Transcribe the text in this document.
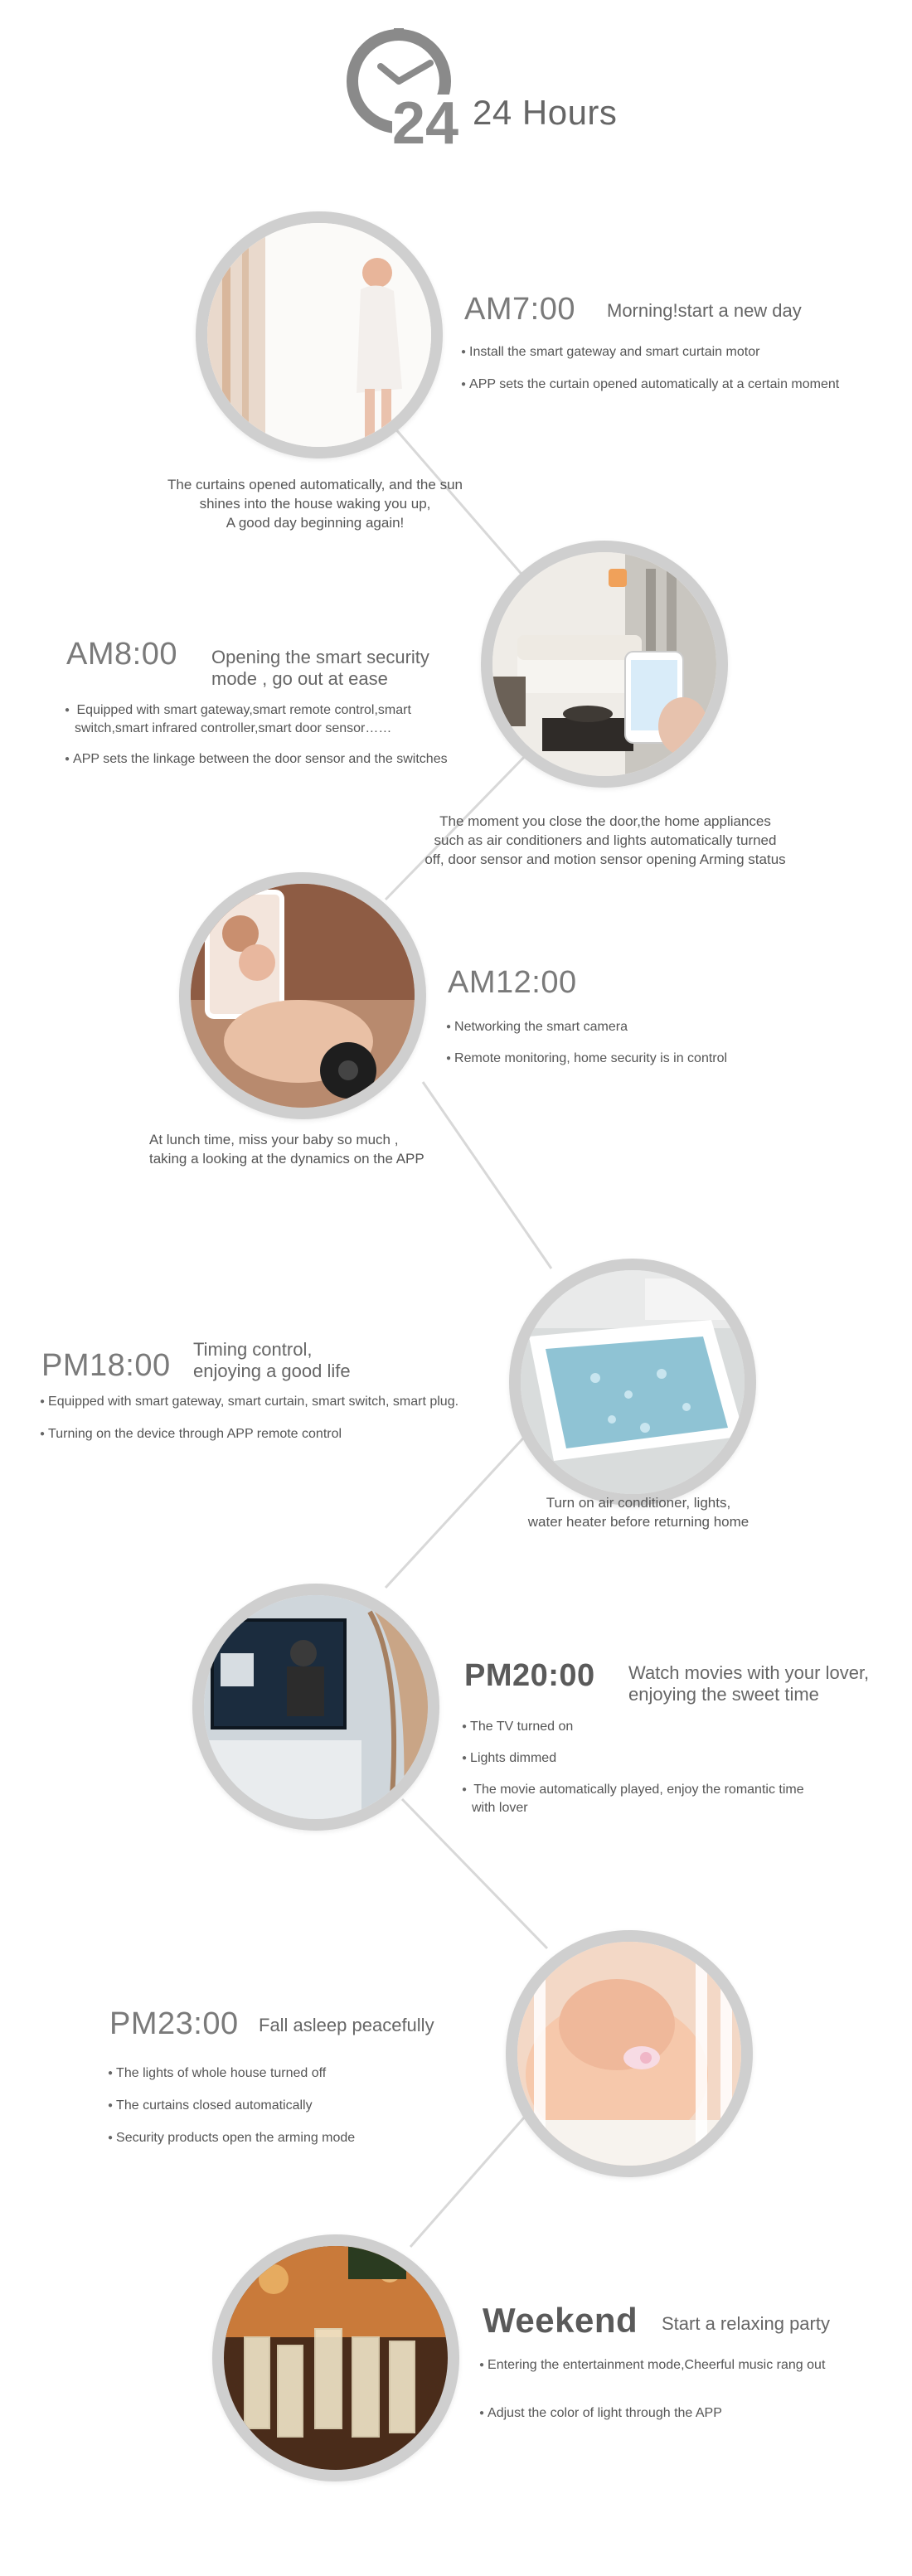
24 24 Hours
AM7:00 Morning!start a new day
● Install the smart gateway and smart curtain motor
● APP sets the curtain opened automatically at a certain moment
The curtains opened automatically, and the sun
shines into the house waking you up,
A good day beginning again!
AM8:00 Opening the smart security
mode , go out at ease
● Equipped with smart gateway,smart remote control,smart
switch,smart infrared controller,smart door sensor……
● APP sets the linkage between the door sensor and the switches
The moment you close the door,the home appliances
such as air conditioners and lights automatically turned
off, door sensor and motion sensor opening Arming status
AM12:00
● Networking the smart camera
● Remote monitoring, home security is in control
At lunch time, miss your baby so much ,
taking a looking at the dynamics on the APP
PM18:00 Timing control,
enjoying a good life
● Equipped with smart gateway, smart curtain, smart switch, smart plug.
● Turning on the device through APP remote control
Turn on air conditioner, lights,
water heater before returning home
PM20:00 Watch movies with your lover,
enjoying the sweet time
● The TV turned on
● Lights dimmed
● The movie automatically played, enjoy the romantic time
with lover
PM23:00 Fall asleep peacefully
● The lights of whole house turned off
● The curtains closed automatically
● Security products open the arming mode
Weekend Start a relaxing party
● Entering the entertainment mode,Cheerful music rang out
● Adjust the color of light through the APP
